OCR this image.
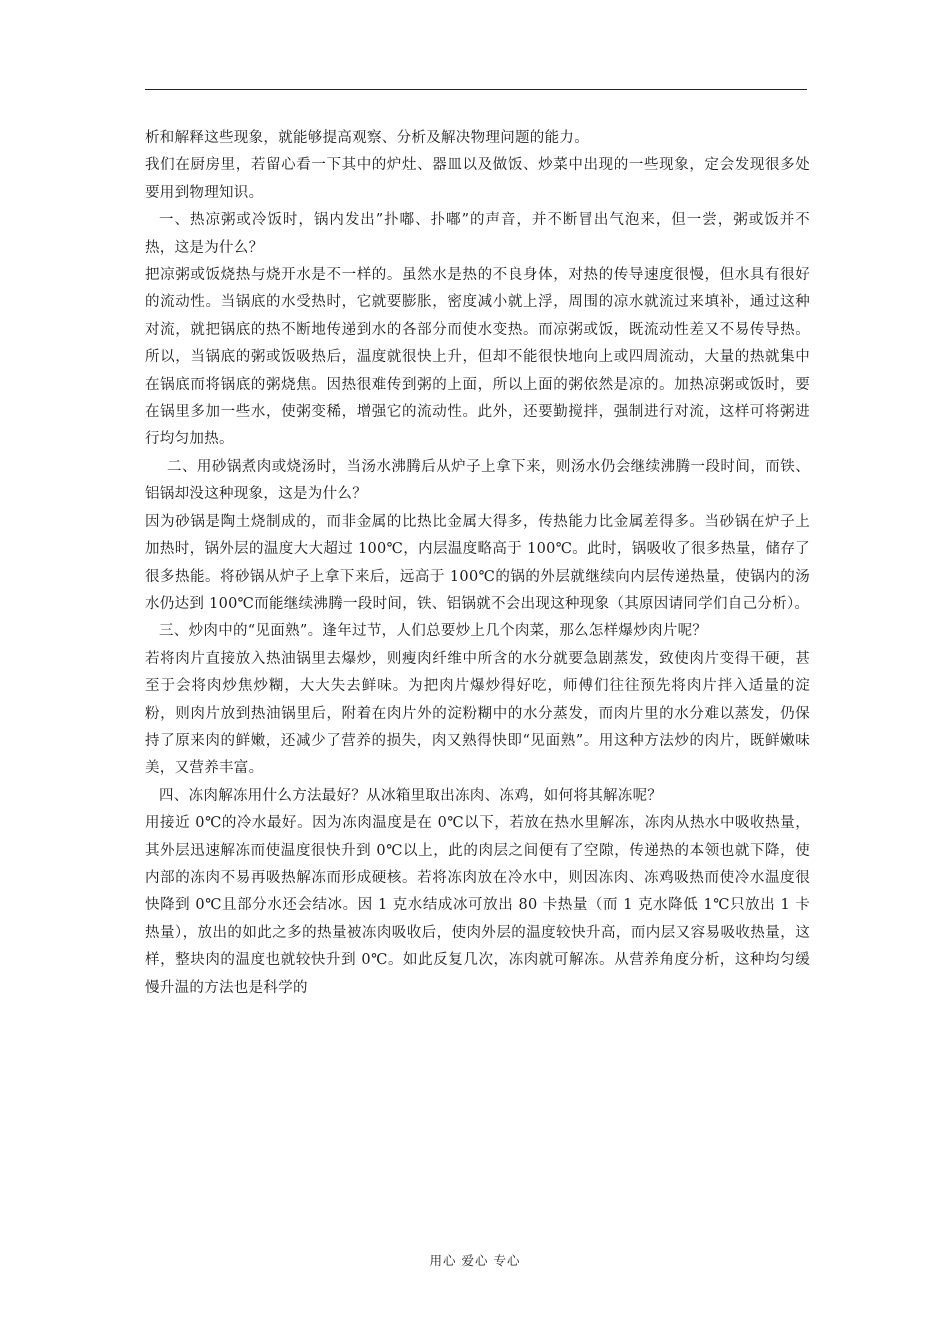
析和解释这些现象，就能够提高观察、分析及解决物理问题的能力。

我们在厨房里，若留心看一下其中的炉灶、器皿以及做饭、炒菜中出现的一些现象，定会发现很多处要用到物理知识。

一、热凉粥或冷饭时，锅内发出”扑嘟、扑嘟”的声音，并不断冒出气泡来，但一尝，粥或饭并不热，这是为什么？

把凉粥或饭烧热与烧开水是不一样的。虽然水是热的不良身体，对热的传导速度很慢，但水具有很好的流动性。当锅底的水受热时，它就要膨胀，密度减小就上浮，周围的凉水就流过来填补，通过这种对流，就把锅底的热不断地传递到水的各部分而使水变热。而凉粥或饭，既流动性差又不易传导热。所以，当锅底的粥或饭吸热后，温度就很快上升，但却不能很快地向上或四周流动，大量的热就集中在锅底而将锅底的粥烧焦。因热很难传到粥的上面，所以上面的粥依然是凉的。加热凉粥或饭时，要在锅里多加一些水，使粥变稀，增强它的流动性。此外，还要勤搅拌，强制进行对流，这样可将粥进行均匀加热。

二、用砂锅煮肉或烧汤时，当汤水沸腾后从炉子上拿下来，则汤水仍会继续沸腾一段时间，而铁、铝锅却没这种现象，这是为什么？

因为砂锅是陶土烧制成的，而非金属的比热比金属大得多，传热能力比金属差得多。当砂锅在炉子上加热时，锅外层的温度大大超过 100℃，内层温度略高于 100℃。此时，锅吸收了很多热量，储存了很多热能。将砂锅从炉子上拿下来后，远高于 100℃的锅的外层就继续向内层传递热量，使锅内的汤水仍达到 100℃而能继续沸腾一段时间，铁、铝锅就不会出现这种现象（其原因请同学们自己分析）。

三、炒肉中的“见面熟”。逢年过节，人们总要炒上几个肉菜，那么怎样爆炒肉片呢？

若将肉片直接放入热油锅里去爆炒，则瘦肉纤维中所含的水分就要急剧蒸发，致使肉片变得干硬，甚至于会将肉炒焦炒糊，大大失去鲜味。为把肉片爆炒得好吃，师傅们往往预先将肉片拌入适量的淀粉，则肉片放到热油锅里后，附着在肉片外的淀粉糊中的水分蒸发，而肉片里的水分难以蒸发，仍保持了原来肉的鲜嫩，还减少了营养的损失，肉又熟得快即“见面熟”。用这种方法炒的肉片，既鲜嫩味美，又营养丰富。

四、冻肉解冻用什么方法最好？从冰箱里取出冻肉、冻鸡，如何将其解冻呢？

用接近 0℃的冷水最好。因为冻肉温度是在 0℃以下，若放在热水里解冻，冻肉从热水中吸收热量，其外层迅速解冻而使温度很快升到 0℃以上，此的肉层之间便有了空隙，传递热的本领也就下降，使内部的冻肉不易再吸热解冻而形成硬核。若将冻肉放在冷水中，则因冻肉、冻鸡吸热而使冷水温度很快降到 0℃且部分水还会结冰。因 1 克水结成冰可放出 80 卡热量（而 1 克水降低 1℃只放出 1 卡热量），放出的如此之多的热量被冻肉吸收后，使肉外层的温度较快升高，而内层又容易吸收热量，这样，整块肉的温度也就较快升到 0℃。如此反复几次，冻肉就可解冻。从营养角度分析，这种均匀缓慢升温的方法也是科学的

用心 爱心 专心
